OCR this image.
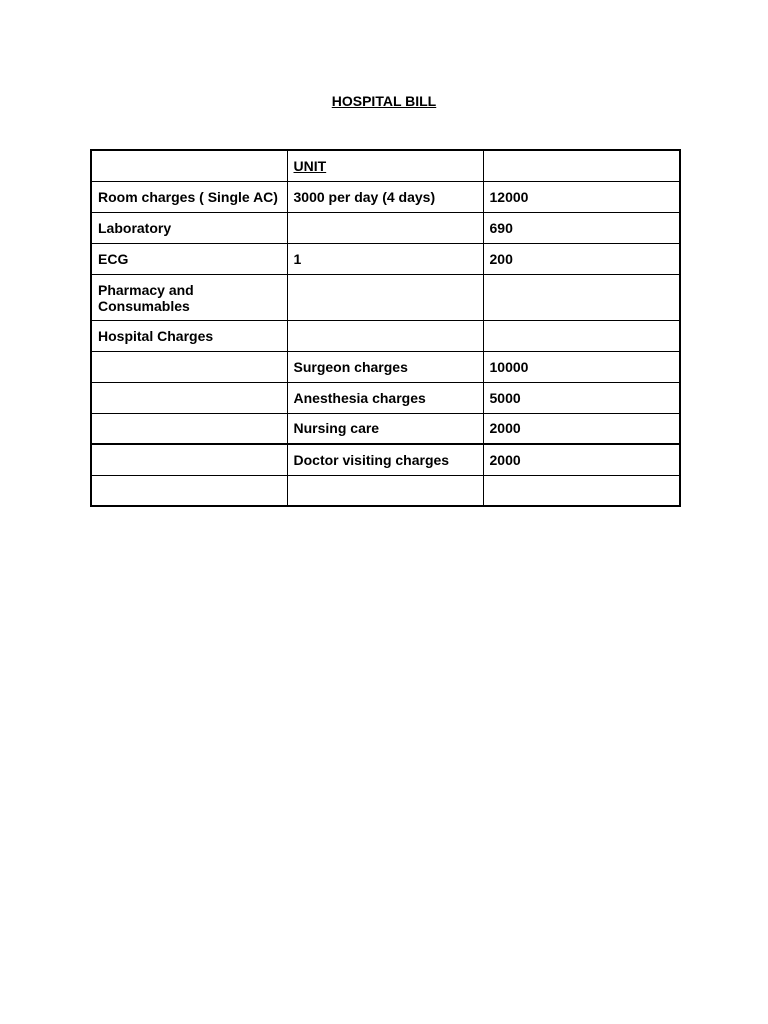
HOSPITAL BILL
	UNIT	
Room charges ( Single AC)	3000 per day (4 days)	12000
Laboratory		690
ECG	1	200
Pharmacy and Consumables		
Hospital Charges		
	Surgeon charges	10000
	Anesthesia charges	5000
	Nursing care	2000
	Doctor visiting charges	2000
